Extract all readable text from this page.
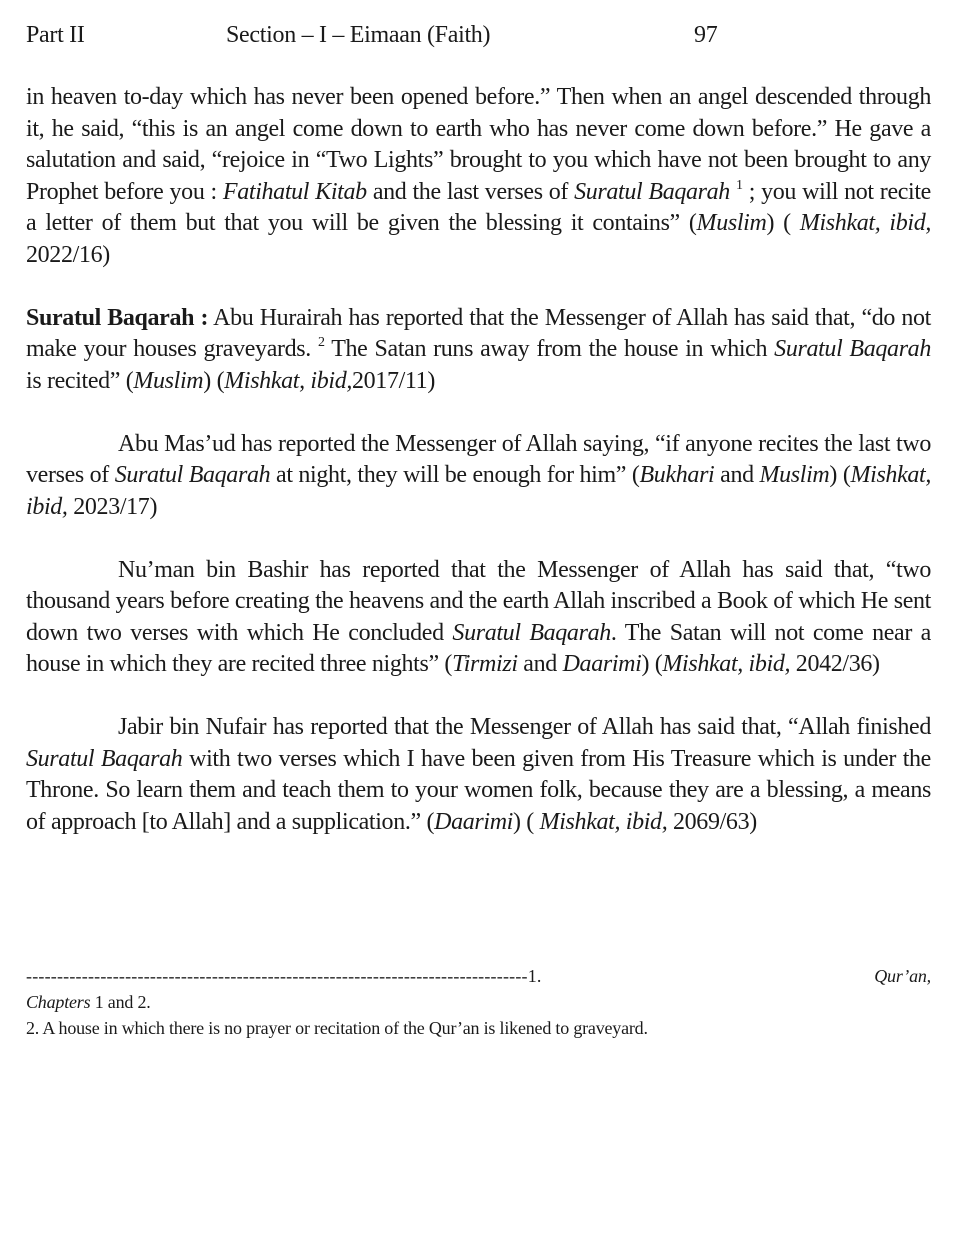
Part II	Section – I – Eimaan (Faith)	97

in heaven to-day which has never been opened before.” Then when an angel descended through it, he said, “this is an angel come down to earth who has never come down before.” He gave a salutation and said, “rejoice in “Two Lights” brought to you which have not been brought to any Prophet before you : Fatihatul Kitab and the last verses of Suratul Baqarah $^1$ ; you will not recite a letter of them but that you will be given the blessing it contains” (Muslim) ( Mishkat, ibid, 2022/16)

Suratul Baqarah : Abu Hurairah has reported that the Messenger of Allah has said that, “do not make your houses graveyards. $^2$ The Satan runs away from the house in which Suratul Baqarah is recited” (Muslim) (Mishkat, ibid,2017/11)

Abu Mas’ud has reported the Messenger of Allah saying, “if anyone recites the last two verses of Suratul Baqarah at night, they will be enough for him” (Bukhari and Muslim) (Mishkat, ibid, 2023/17)

Nu’man bin Bashir has reported that the Messenger of Allah has said that, “two thousand years before creating the heavens and the earth Allah inscribed a Book of which He sent down two verses with which He concluded Suratul Baqarah. The Satan will not come near a house in which they are recited three nights” (Tirmizi and Daarimi) (Mishkat, ibid, 2042/36)

Jabir bin Nufair has reported that the Messenger of Allah has said that, “Allah finished Suratul Baqarah with two verses which I have been given from His Treasure which is under the Throne. So learn them and teach them to your women folk, because they are a blessing, a means of approach [to Allah] and a supplication.” (Daarimi) ( Mishkat, ibid, 2069/63)

---------------------------------------------------------------------------------1.	Qur’an,

Chapters 1 and 2.

2. A house in which there is no prayer or recitation of the Qur’an is likened to graveyard.
